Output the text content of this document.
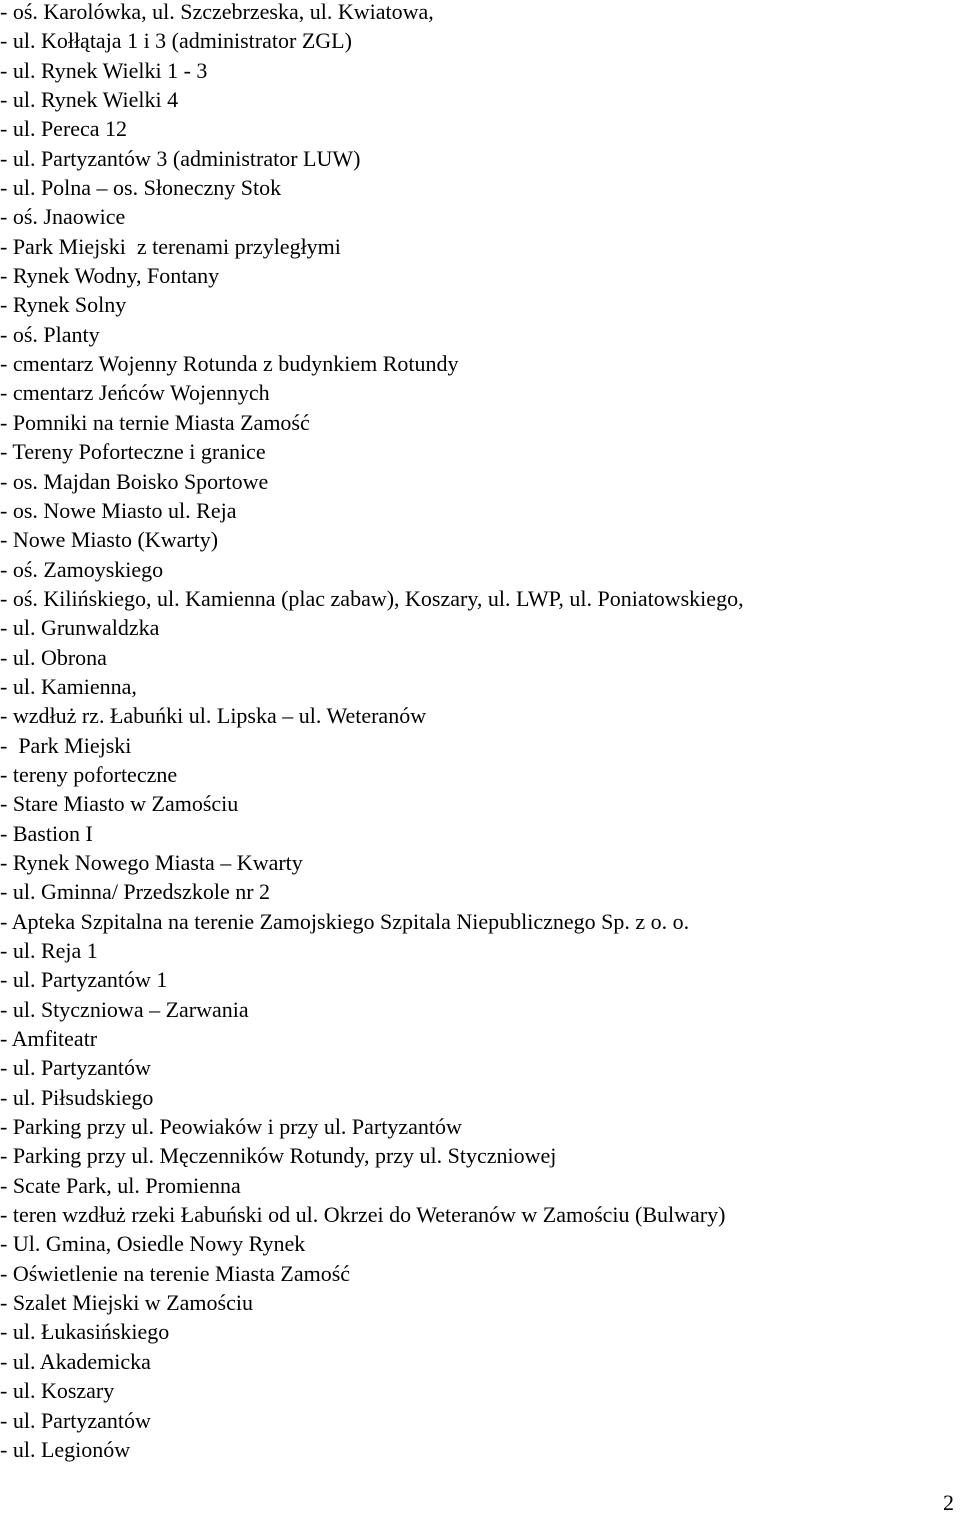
- oś. Karolówka, ul. Szczebrzeska, ul. Kwiatowa,
- ul. Kołłątaja 1 i 3 (administrator ZGL)
- ul. Rynek Wielki 1 - 3
- ul. Rynek Wielki 4
- ul. Pereca 12
- ul. Partyzantów 3 (administrator LUW)
- ul. Polna – os. Słoneczny Stok
- oś. Jnaowice
- Park Miejski  z terenami przyległymi
- Rynek Wodny, Fontany
- Rynek Solny
- oś. Planty
- cmentarz Wojenny Rotunda z budynkiem Rotundy
- cmentarz Jeńców Wojennych
- Pomniki na ternie Miasta Zamość
- Tereny Poforteczne i granice
- os. Majdan Boisko Sportowe
- os. Nowe Miasto ul. Reja
- Nowe Miasto (Kwarty)
- oś. Zamoyskiego
- oś. Kilińskiego, ul. Kamienna (plac zabaw), Koszary, ul. LWP, ul. Poniatowskiego,
- ul. Grunwaldzka
- ul. Obrona
- ul. Kamienna,
- wzdłuż rz. Łabuńki ul. Lipska – ul. Weteranów
-  Park Miejski
- tereny poforteczne
- Stare Miasto w Zamościu
- Bastion I
- Rynek Nowego Miasta – Kwarty
- ul. Gminna/ Przedszkole nr 2
- Apteka Szpitalna na terenie Zamojskiego Szpitala Niepublicznego Sp. z o. o.
- ul. Reja 1
- ul. Partyzantów 1
- ul. Styczniowa – Zarwania
- Amfiteatr
- ul. Partyzantów
- ul. Piłsudskiego
- Parking przy ul. Peowiaków i przy ul. Partyzantów
- Parking przy ul. Męczenników Rotundy, przy ul. Styczniowej
- Scate Park, ul. Promienna
- teren wzdłuż rzeki Łabuński od ul. Okrzei do Weteranów w Zamościu (Bulwary)
- Ul. Gmina, Osiedle Nowy Rynek
- Oświetlenie na terenie Miasta Zamość
- Szalet Miejski w Zamościu
- ul. Łukasińskiego
- ul. Akademicka
- ul. Koszary
- ul. Partyzantów
- ul. Legionów
2
